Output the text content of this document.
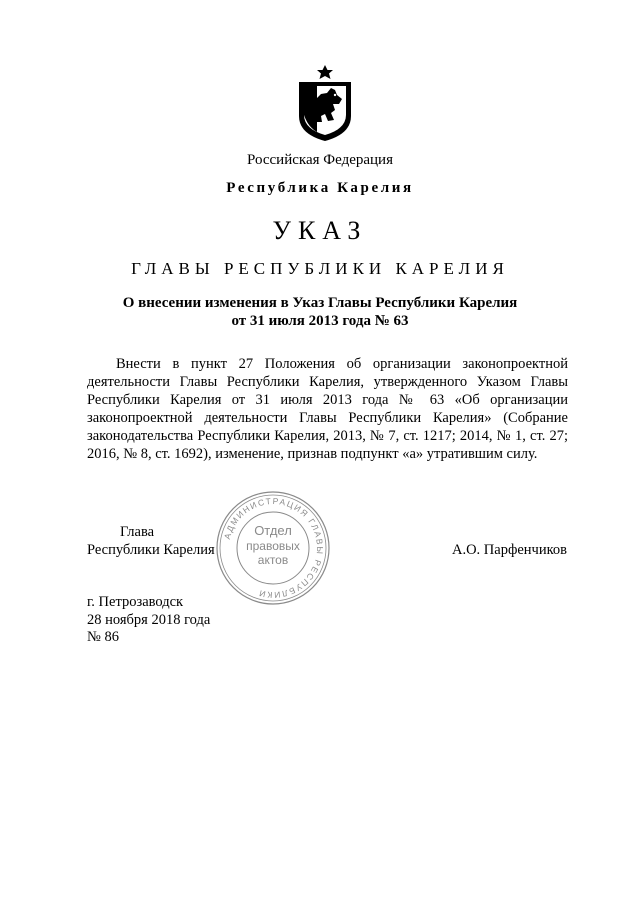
Российская Федерация
Республика Карелия
УКАЗ
ГЛАВЫ РЕСПУБЛИКИ КАРЕЛИЯ
О внесении изменения в Указ Главы Республики Карелия
от 31 июля 2013 года № 63

Внести в пункт 27 Положения об организации законопроектной деятельности Главы Республики Карелия, утвержденного Указом Главы Республики Карелия от 31 июля 2013 года № 63 «Об организации законопроектной деятельности Главы Республики Карелия» (Собрание законодательства Республики Карелия, 2013, № 7, ст. 1217; 2014, № 1, ст. 27; 2016, № 8, ст. 1692), изменение, признав подпункт «а» утратившим силу.

Глава
Республики Карелия	А.О. Парфенчиков
АДМИНИСТРАЦИЯ ГЛАВЫ РЕСПУБЛИКИ
Отдел
правовых
актов
г. Петрозаводск
28 ноября 2018 года
№ 86
